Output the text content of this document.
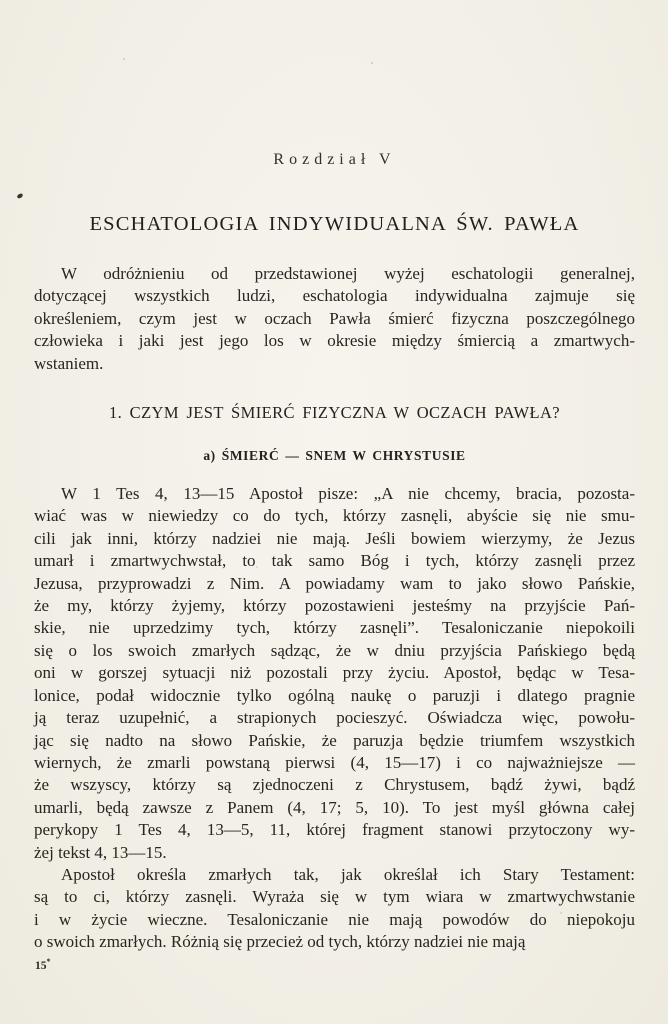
Rozdział V
ESCHATOLOGIA INDYWIDUALNA ŚW. PAWŁA
W odróżnieniu od przedstawionej wyżej eschatologii generalnej,
dotyczącej wszystkich ludzi, eschatologia indywidualna zajmuje się
określeniem, czym jest w oczach Pawła śmierć fizyczna poszczególnego
człowieka i jaki jest jego los w okresie między śmiercią a zmartwych-
wstaniem.
1. CZYM JEST ŚMIERĆ FIZYCZNA W OCZACH PAWŁA?
a) ŚMIERĆ — SNEM W CHRYSTUSIE
W 1 Tes 4, 13—15 Apostoł pisze: „A nie chcemy, bracia, pozosta-
wiać was w niewiedzy co do tych, którzy zasnęli, abyście się nie smu-
cili jak inni, którzy nadziei nie mają. Jeśli bowiem wierzymy, że Jezus
umarł i zmartwychwstał, to tak samo Bóg i tych, którzy zasnęli przez
Jezusa, przyprowadzi z Nim. A powiadamy wam to jako słowo Pańskie,
że my, którzy żyjemy, którzy pozostawieni jesteśmy na przyjście Pań-
skie, nie uprzedzimy tych, którzy zasnęli”. Tesaloniczanie niepokoili
się o los swoich zmarłych sądząc, że w dniu przyjścia Pańskiego będą
oni w gorszej sytuacji niż pozostali przy życiu. Apostoł, będąc w Tesa-
lonice, podał widocznie tylko ogólną naukę o paruzji i dlatego pragnie
ją teraz uzupełnić, a strapionych pocieszyć. Oświadcza więc, powołu-
jąc się nadto na słowo Pańskie, że paruzja będzie triumfem wszystkich
wiernych, że zmarli powstaną pierwsi (4, 15—17) i co najważniejsze —
że wszyscy, którzy są zjednoczeni z Chrystusem, bądź żywi, bądź
umarli, będą zawsze z Panem (4, 17; 5, 10). To jest myśl główna całej
perykopy 1 Tes 4, 13—5, 11, której fragment stanowi przytoczony wy-
żej tekst 4, 13—15.
Apostoł określa zmarłych tak, jak określał ich Stary Testament:
są to ci, którzy zasnęli. Wyraża się w tym wiara w zmartwychwstanie
i w życie wieczne. Tesaloniczanie nie mają powodów do niepokoju
o swoich zmarłych. Różnią się przecież od tych, którzy nadziei nie mają
15*
